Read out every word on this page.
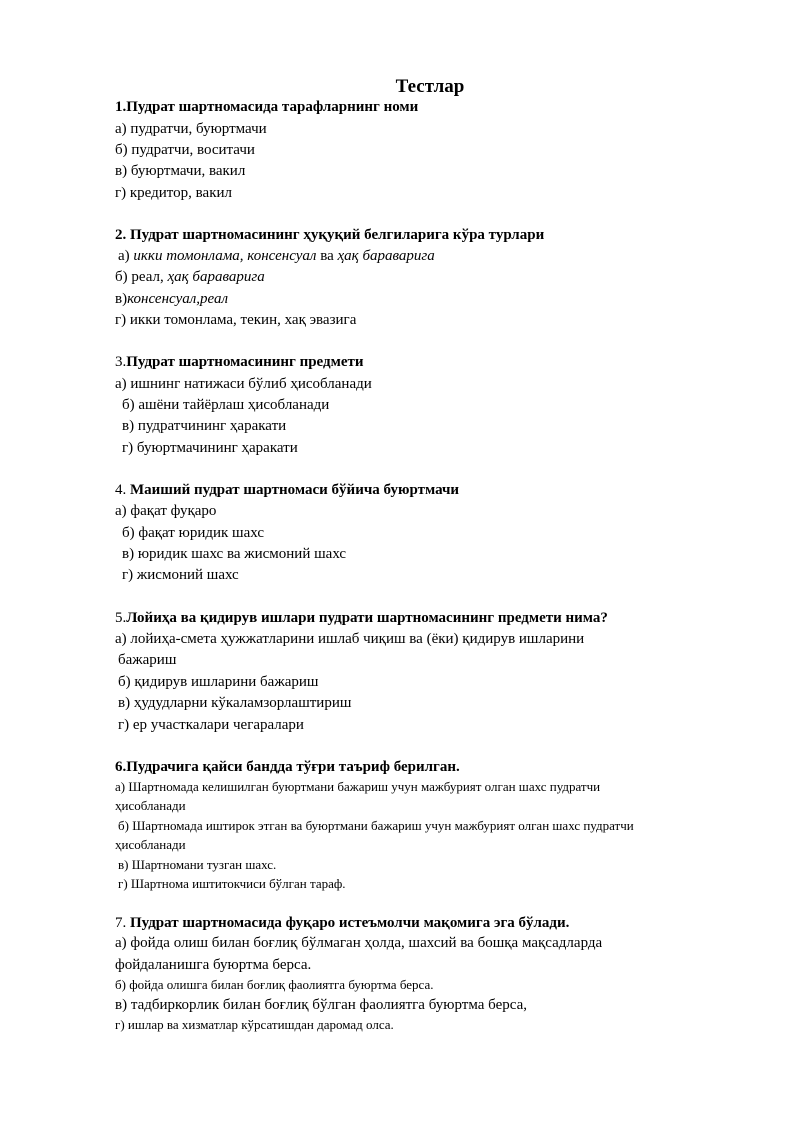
Тестлар
1.Пудрат шартномасида тарафларнинг номи
а) пудратчи, буюртмачи
б) пудратчи, воситачи
в) буюртмачи, вакил
г) кредитор, вакил
2. Пудрат шартномасининг ҳуқуқий белгиларига кўра турлари
а) икки томонлама, консенсуал ва ҳақ бараварига
б) реал, ҳақ бараварига
в)консенсуал,реал
г) икки томонлама, текин, хақ эвазига
3.Пудрат шартномасининг предмети
а) ишнинг натижаси бўлиб ҳисобланади
б) ашёни тайёрлаш ҳисобланади
в) пудратчининг ҳаракати
г) буюртмачининг ҳаракати
4. Маиший пудрат шартномаси бўйича буюртмачи
а) фақат фуқаро
б) фақат юридик шахс
в) юридик шахс ва жисмоний шахс
г) жисмоний шахс
5.Лойиҳа ва қидирув ишлари пудрати шартномасининг предмети нима?
а) лойиҳа-смета ҳужжатларини ишлаб чиқиш ва (ёки) қидирув ишларини
бажариш
б) қидирув ишларини бажариш
в) ҳудудларни кўкаламзорлаштириш
г) ер участкалари чегаралари
6.Пудрачига қайси бандда тўғри таъриф берилган.
а) Шартномада келишилган буюртмани бажариш учун мажбурият олган шахс пудратчи
ҳисобланади
б) Шартномада иштирок этган ва буюртмани бажариш учун мажбурият олган шахс пудратчи
ҳисобланади
в) Шартномани тузган шахс.
г) Шартнома иштитокчиси бўлган тараф.
7. Пудрат шартномасида фуқаро истеъмолчи мақомига эга бўлади.
а) фойда олиш билан боғлиқ бўлмаган ҳолда, шахсий ва бошқа мақсадларда
фойдаланишга буюртма берса.
б) фойда олишга билан боғлиқ фаолиятга буюртма берса.
в) тадбиркорлик билан боғлиқ бўлган фаолиятга буюртма берса,
г) ишлар ва хизматлар кўрсатишдан даромад олса.
